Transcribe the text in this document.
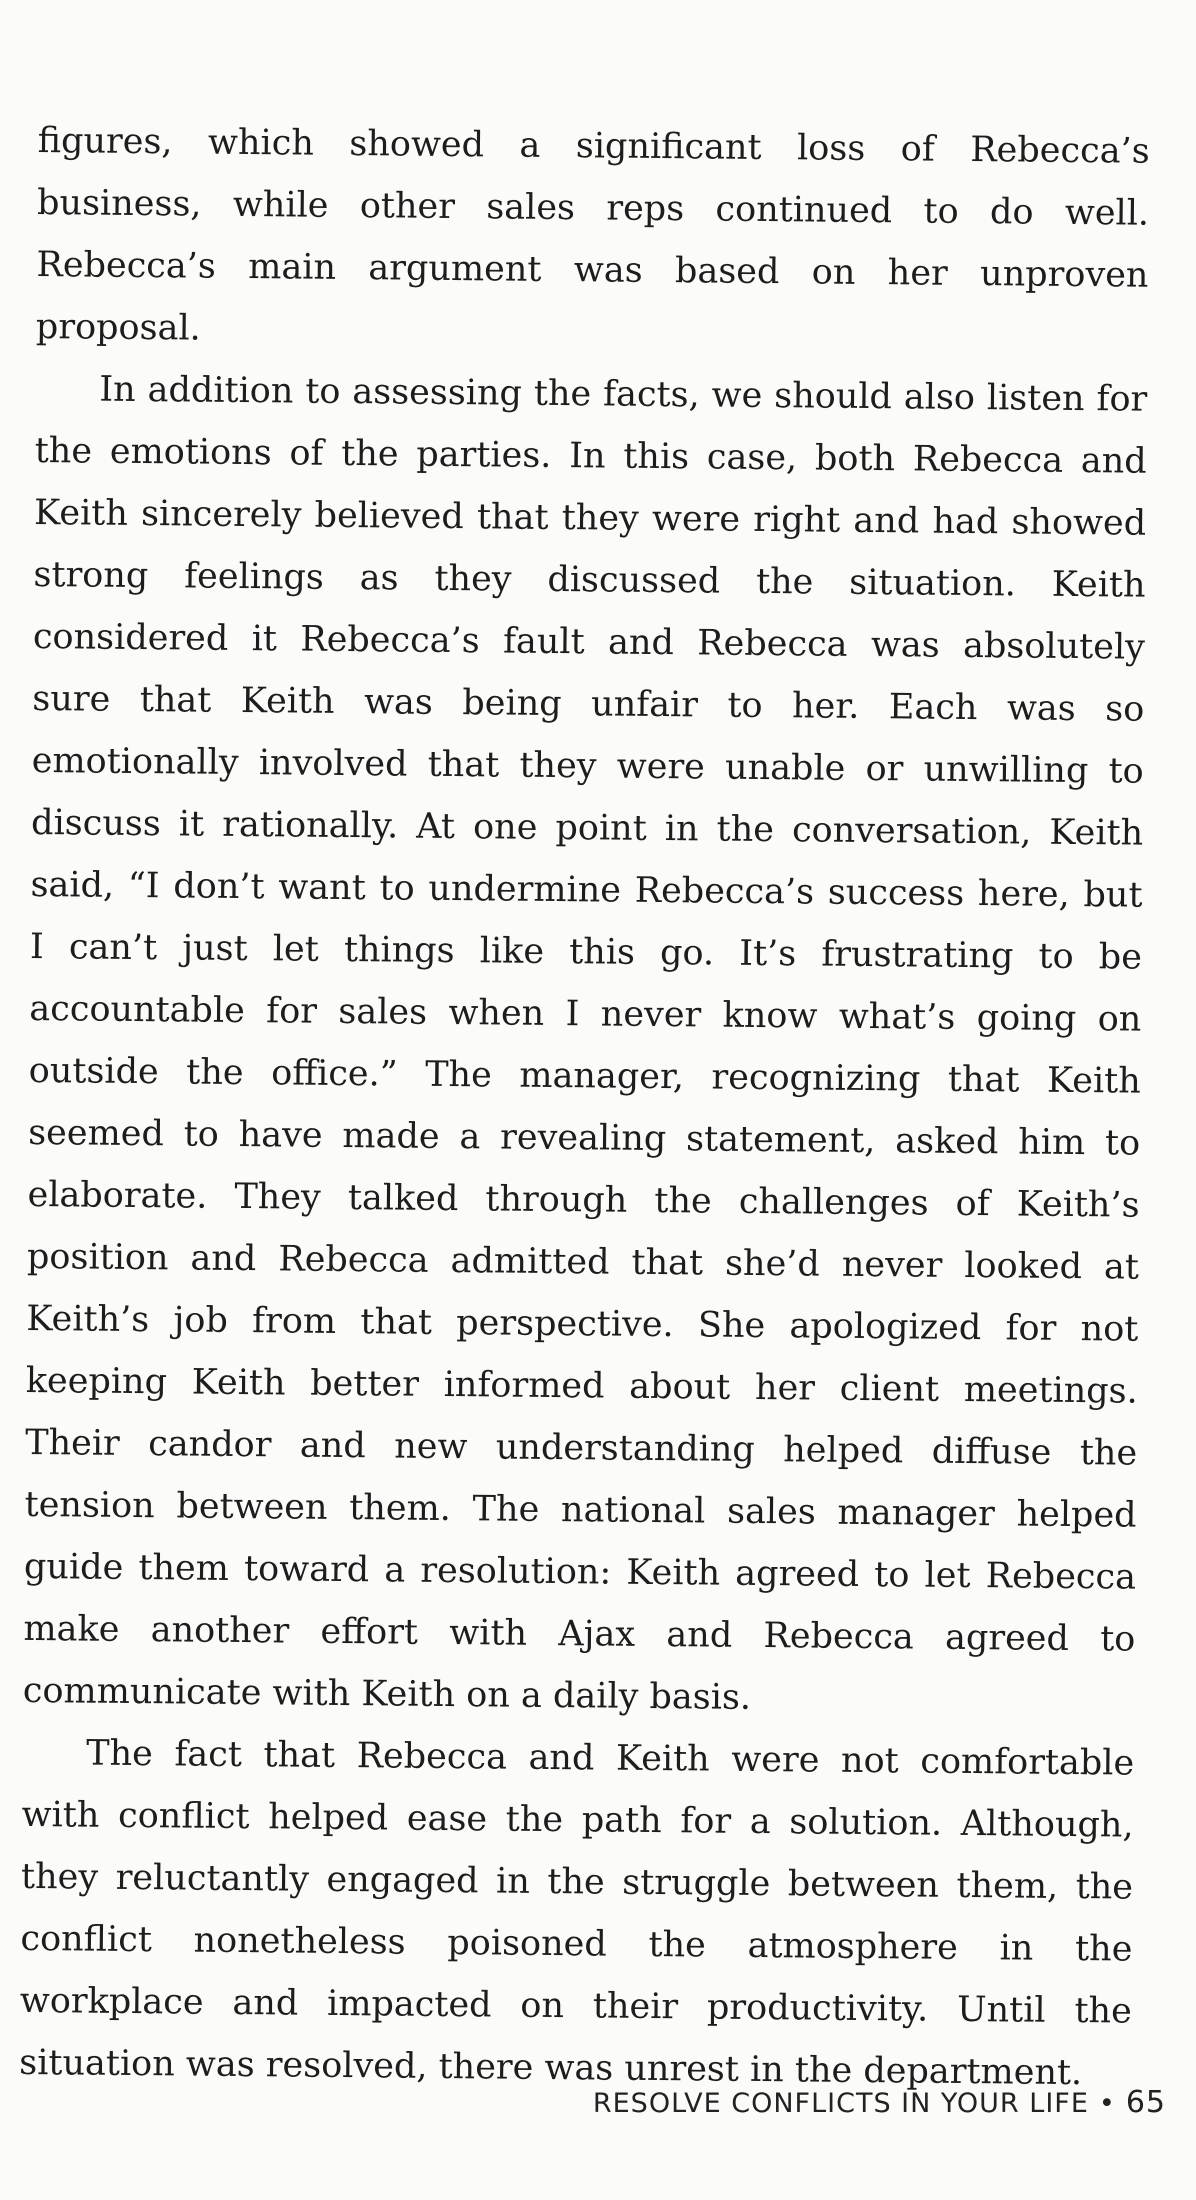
figures, which showed a significant loss of Rebecca’s business, while other sales reps continued to do well. Rebecca’s main argument was based on her unproven proposal.

In addition to assessing the facts, we should also listen for the emotions of the parties. In this case, both Rebecca and Keith sincerely believed that they were right and had showed strong feelings as they discussed the situation. Keith considered it Rebecca’s fault and Rebecca was absolutely sure that Keith was being unfair to her. Each was so emotionally involved that they were unable or unwilling to discuss it rationally. At one point in the conversation, Keith said, “I don’t want to undermine Rebecca’s success here, but I can’t just let things like this go. It’s frustrating to be accountable for sales when I never know what’s going on outside the office.” The manager, recognizing that Keith seemed to have made a revealing statement, asked him to elaborate. They talked through the challenges of Keith’s position and Rebecca admitted that she’d never looked at Keith’s job from that perspective. She apologized for not keeping Keith better informed about her client meetings. Their candor and new understanding helped diffuse the tension between them. The national sales manager helped guide them toward a resolution: Keith agreed to let Rebecca make another effort with Ajax and Rebecca agreed to communicate with Keith on a daily basis.

The fact that Rebecca and Keith were not comfortable with conflict helped ease the path for a solution. Although, they reluctantly engaged in the struggle between them, the conflict nonetheless poisoned the atmosphere in the workplace and impacted on their productivity. Until the situation was resolved, there was unrest in the department.

RESOLVE CONFLICTS IN YOUR LIFE • 65
